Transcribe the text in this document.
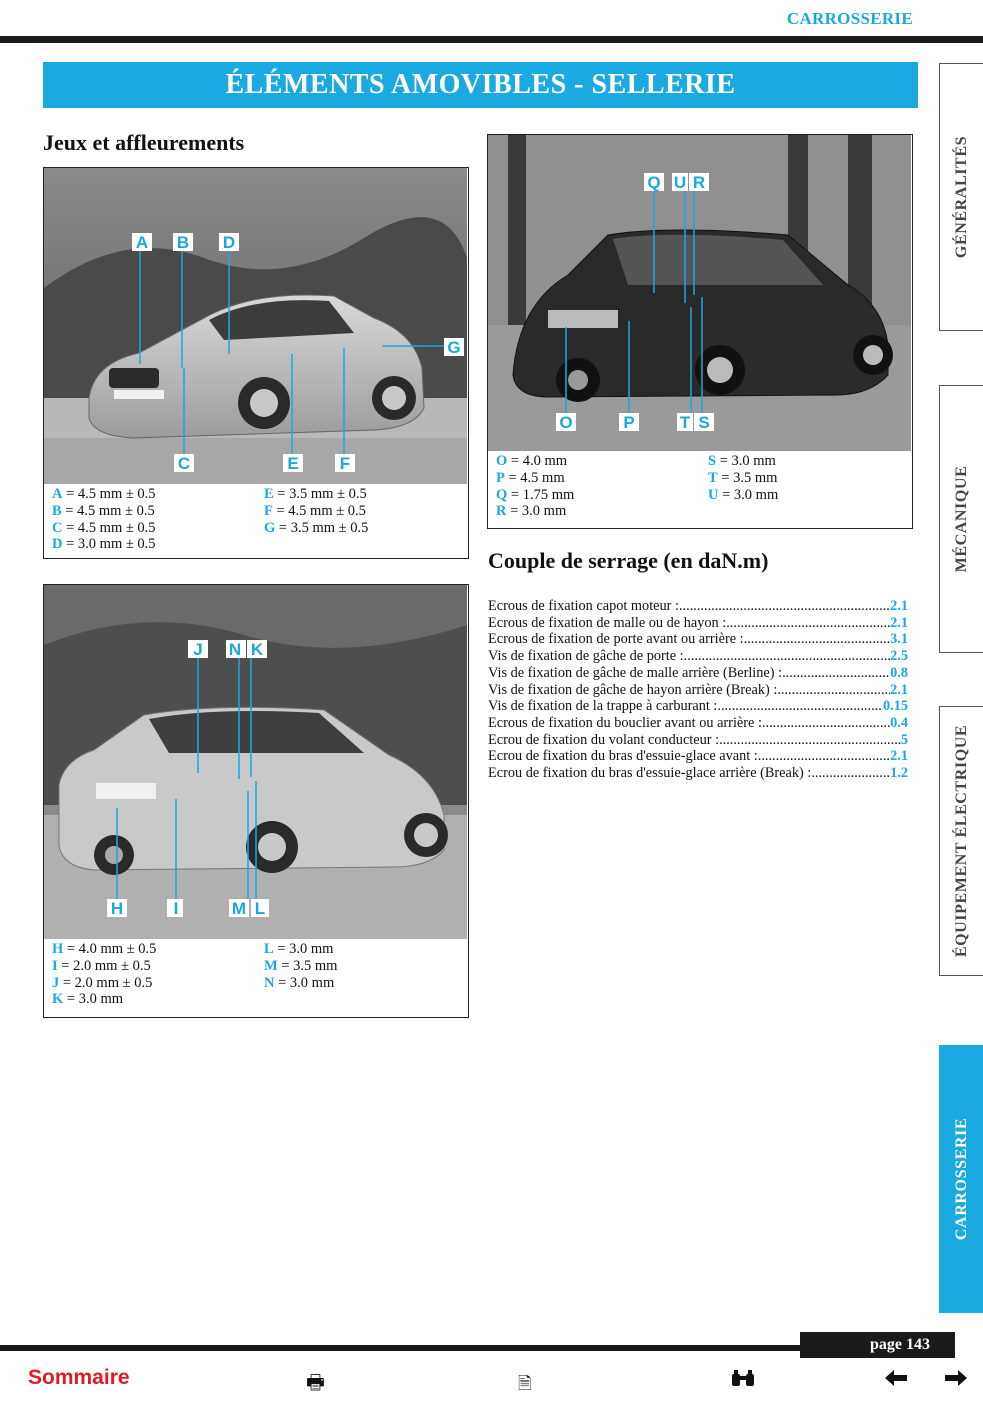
CARROSSERIE
ÉLÉMENTS AMOVIBLES - SELLERIE
Jeux et affleurements
A B D
G
C	E F
A = 4.5 mm ± 0.5
B = 4.5 mm ± 0.5
C = 4.5 mm ± 0.5
D = 3.0 mm ± 0.5
E = 3.5 mm ± 0.5
F = 4.5 mm ± 0.5
G = 3.5 mm ± 0.5
Q U R
O	P	T S
O = 4.0 mm
P = 4.5 mm
Q = 1.75 mm
R = 3.0 mm
S = 3.0 mm
T = 3.5 mm
U = 3.0 mm
Couple de serrage (en daN.m)
J N K
H	I	M L
H = 4.0 mm ± 0.5
I = 2.0 mm ± 0.5
J = 2.0 mm ± 0.5
K = 3.0 mm
L = 3.0 mm
M = 3.5 mm
N = 3.0 mm
Ecrous de fixation capot moteur : .....	2.1
Ecrous de fixation de malle ou de hayon : .....	2.1
Ecrous de fixation de porte avant ou arrière : .....	3.1
Vis de fixation de gâche de porte : .....	2.5
Vis de fixation de gâche de malle arrière (Berline) : .....	0.8
Vis de fixation de gâche de hayon arrière (Break) : .....	2.1
Vis de fixation de la trappe à carburant : .....	0.15
Ecrous de fixation du bouclier avant ou arrière : .....	0.4
Ecrou de fixation du volant conducteur : .....	5
Ecrou de fixation du bras d'essuie-glace avant : .....	2.1
Ecrou de fixation du bras d'essuie-glace arrière (Break) : .....	1.2
GÉNÉRALITÉS
MÉCANIQUE
ÉQUIPEMENT ÉLECTRIQUE
CARROSSERIE
page 143
Sommaire	🖶	🗎
